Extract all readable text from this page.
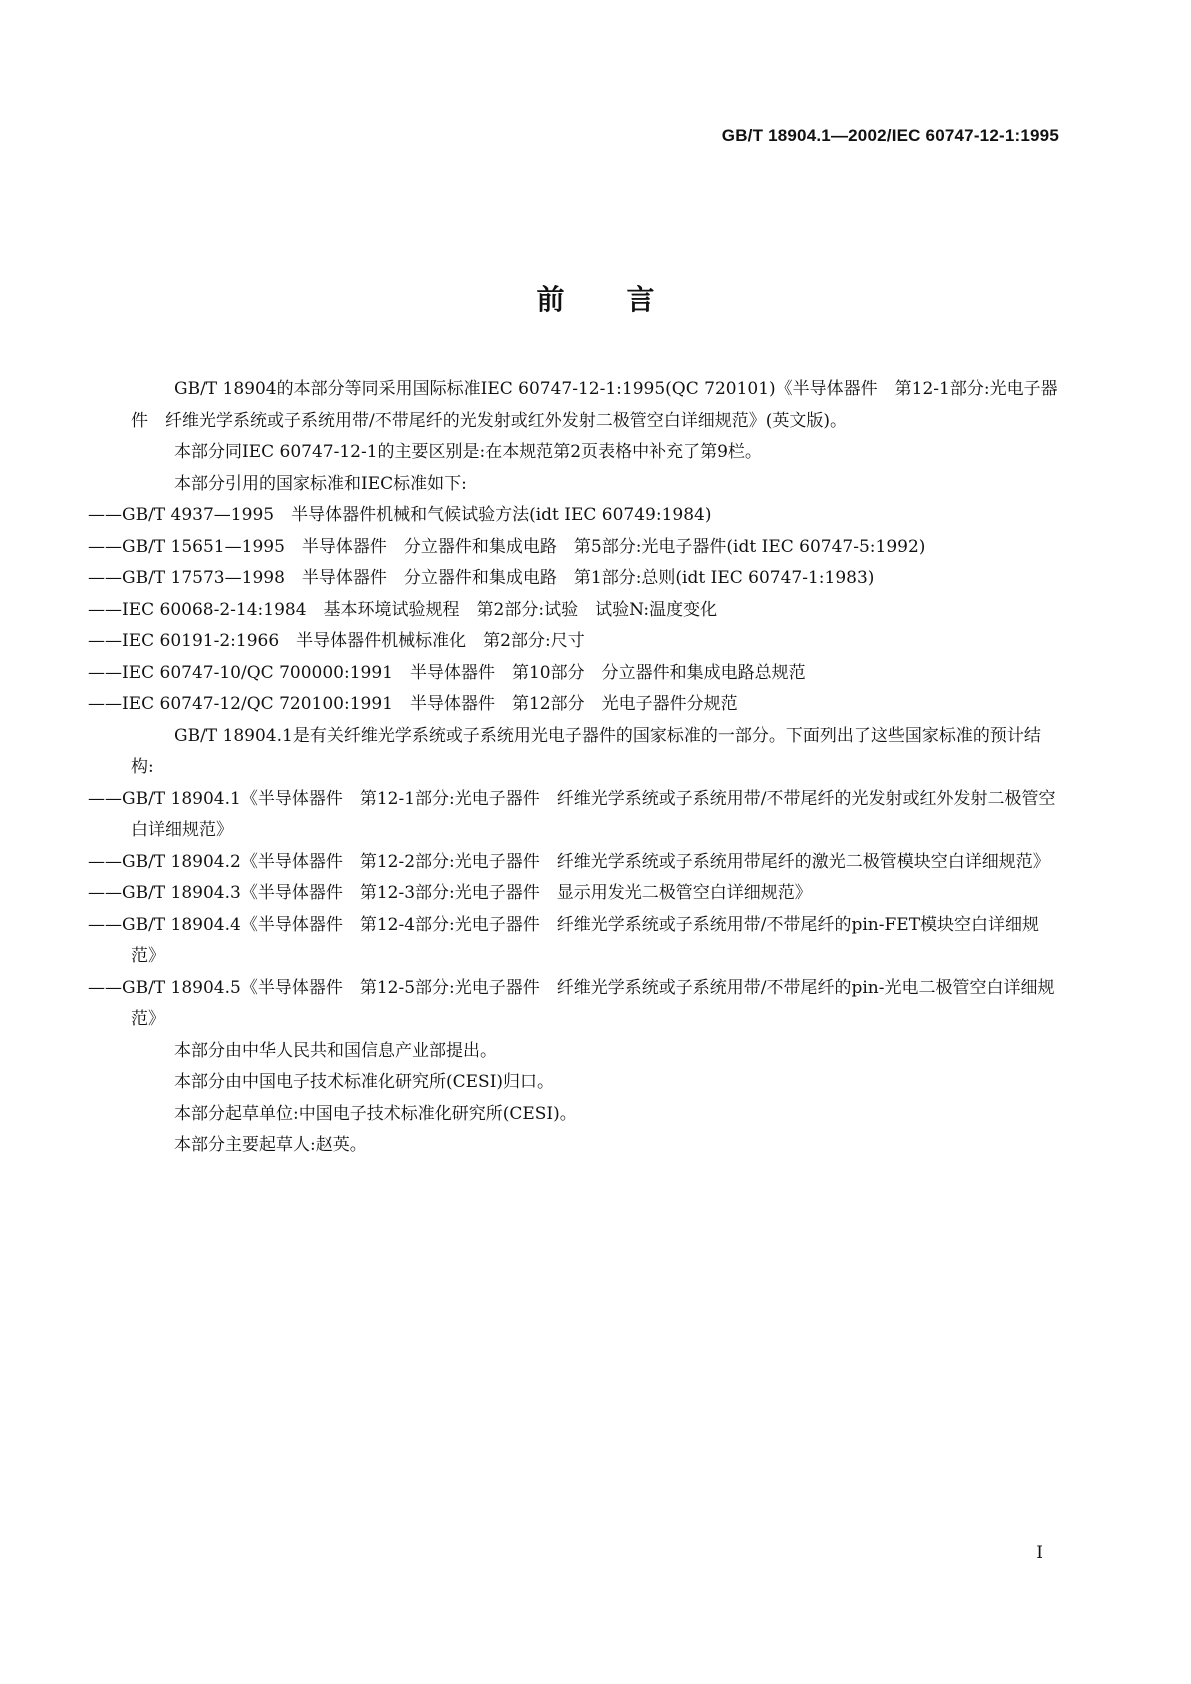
GB/T 18904.1—2002/IEC 60747-12-1:1995
前言

GB/T 18904的本部分等同采用国际标准IEC 60747-12-1:1995(QC 720101)《半导体器件　第12-1部分:光电子器件　纤维光学系统或子系统用带/不带尾纤的光发射或红外发射二极管空白详细规范》(英文版)。

本部分同IEC 60747-12-1的主要区别是:在本规范第2页表格中补充了第9栏。

本部分引用的国家标准和IEC标准如下:

——GB/T 4937—1995　半导体器件机械和气候试验方法(idt IEC 60749:1984)

——GB/T 15651—1995　半导体器件　分立器件和集成电路　第5部分:光电子器件(idt IEC 60747-5:1992)

——GB/T 17573—1998　半导体器件　分立器件和集成电路　第1部分:总则(idt IEC 60747-1:1983)

——IEC 60068-2-14:1984　基本环境试验规程　第2部分:试验　试验N:温度变化

——IEC 60191-2:1966　半导体器件机械标准化　第2部分:尺寸

——IEC 60747-10/QC 700000:1991　半导体器件　第10部分　分立器件和集成电路总规范

——IEC 60747-12/QC 720100:1991　半导体器件　第12部分　光电子器件分规范

GB/T 18904.1是有关纤维光学系统或子系统用光电子器件的国家标准的一部分。下面列出了这些国家标准的预计结构:

——GB/T 18904.1《半导体器件　第12-1部分:光电子器件　纤维光学系统或子系统用带/不带尾纤的光发射或红外发射二极管空白详细规范》

——GB/T 18904.2《半导体器件　第12-2部分:光电子器件　纤维光学系统或子系统用带尾纤的激光二极管模块空白详细规范》

——GB/T 18904.3《半导体器件　第12-3部分:光电子器件　显示用发光二极管空白详细规范》

——GB/T 18904.4《半导体器件　第12-4部分:光电子器件　纤维光学系统或子系统用带/不带尾纤的pin-FET模块空白详细规范》

——GB/T 18904.5《半导体器件　第12-5部分:光电子器件　纤维光学系统或子系统用带/不带尾纤的pin-光电二极管空白详细规范》

本部分由中华人民共和国信息产业部提出。

本部分由中国电子技术标准化研究所(CESI)归口。

本部分起草单位:中国电子技术标准化研究所(CESI)。

本部分主要起草人:赵英。

I
